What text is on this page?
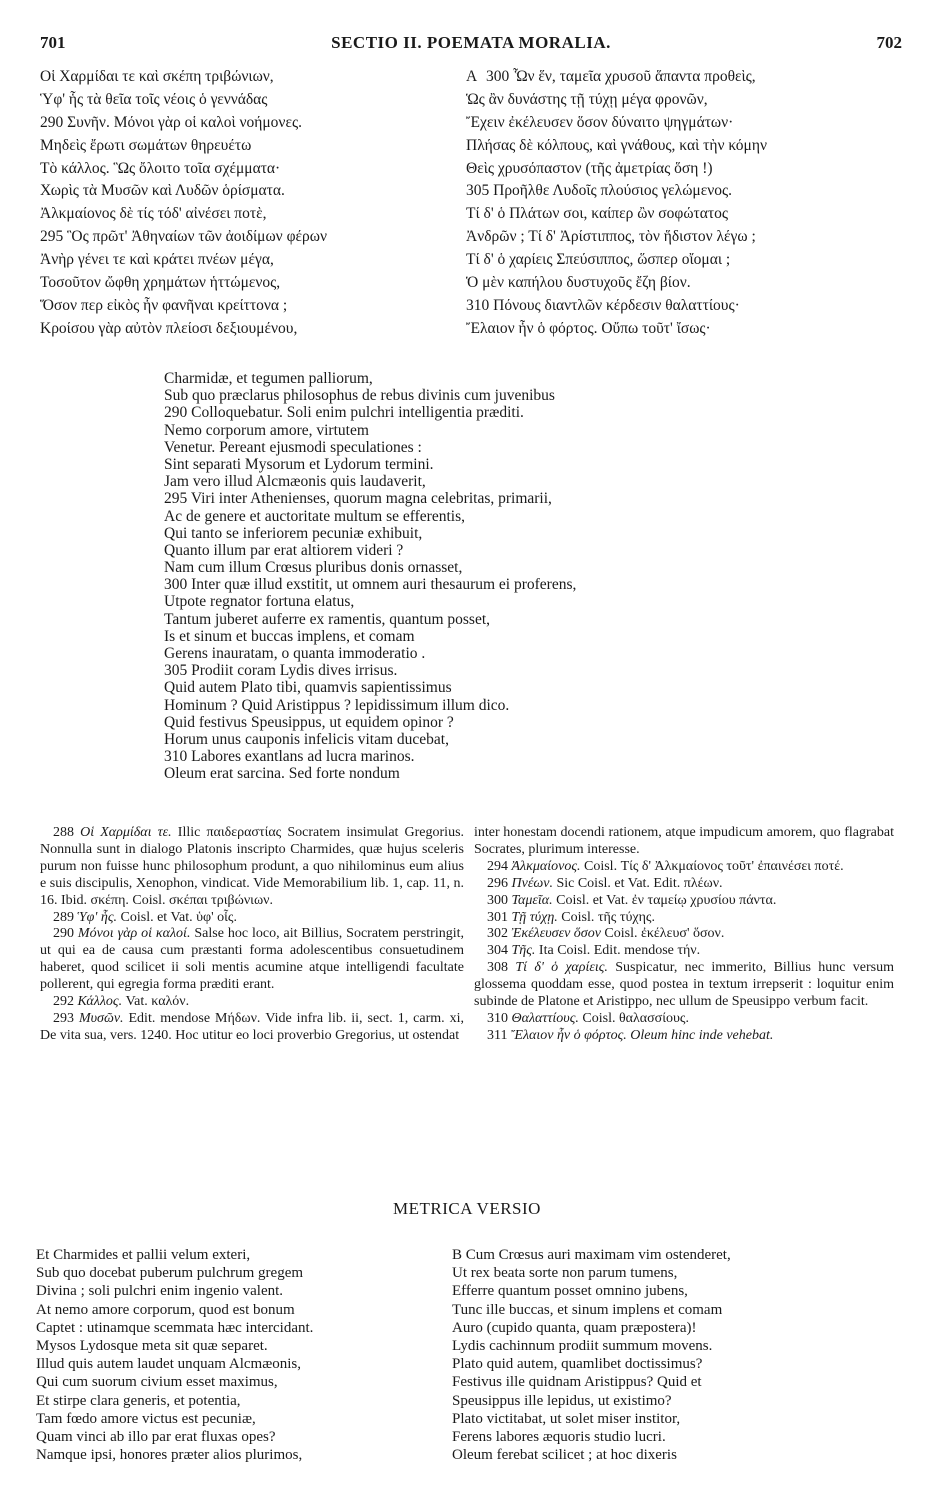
701	SECTIO II. POEMATA MORALIA.	702
Οἱ Χαρμίδαι τε καὶ σκέπη τριβώνιων,
Ὑφ' ἧς τὰ θεῖα τοῖς νέοις ὁ γεννάδας
290 Συνῆν. Μόνοι γὰρ οἱ καλοὶ νοήμονες.
Μηδεὶς ἔρωτι σωμάτων θηρευέτω
Τὸ κάλλος. Ὣς ὄλοιτο τοῖα σχέμματα·
Χωρὶς τὰ Μυσῶν καὶ Λυδῶν ὁρίσματα.
Ἀλκμαίονος δὲ τίς τόδ' αἰνέσει ποτὲ,
295 Ὃς πρῶτ' Ἀθηναίων τῶν ἀοιδίμων φέρων
Ἀνὴρ γένει τε καὶ κράτει πνέων μέγα,
Τοσοῦτον ὤφθη χρημάτων ἡττώμενος,
Ὅσον περ εἰκὸς ἦν φανῆναι κρείττονα ;
Κροίσου γὰρ αὐτὸν πλείοσι δεξιουμένου,
A 300 Ὧν ἕν, ταμεῖα χρυσοῦ ἅπαντα προθεὶς,
Ὡς ἂν δυνάστης τῇ τύχῃ μέγα φρονῶν,
Ἔχειν ἐκέλευσεν ὅσον δύναιτο ψηγμάτων·
Πλήσας δὲ κόλπους, καὶ γνάθους, καὶ τὴν κόμην
Θεὶς χρυσόπαστον (τῆς ἀμετρίας ὅση !)
305 Προῆλθε Λυδοῖς πλούσιος γελώμενος.
Τί δ' ὁ Πλάτων σοι, καίπερ ὢν σοφώτατος
Ἀνδρῶν ; Τί δ' Ἀρίστιππος, τὸν ἥδιστον λέγω ;
Τί δ' ὁ χαρίεις Σπεύσιππος, ὥσπερ οἴομαι ;
Ὁ μὲν καπήλου δυστυχοῦς ἔζη βίον.
310 Πόνους διαντλῶν κέρδεσιν θαλαττίους·
Ἔλαιον ἦν ὁ φόρτος. Οὔπω τοῦτ' ἴσως·
Charmidæ, et tegumen palliorum,
Sub quo præclarus philosophus de rebus divinis cum juvenibus
290 Colloquebatur. Soli enim pulchri intelligentia præditi.
Nemo corporum amore, virtutem
Venetur. Pereant ejusmodi speculationes :
Sint separati Mysorum et Lydorum termini.
Jam vero illud Alcmæonis quis laudaverit,
295 Viri inter Athenienses, quorum magna celebritas, primarii,
Ac de genere et auctoritate multum se efferentis,
Qui tanto se inferiorem pecuniæ exhibuit,
Quanto illum par erat altiorem videri ?
Nam cum illum Crœsus pluribus donis ornasset,
300 Inter quæ illud exstitit, ut omnem auri thesaurum ei proferens,
Utpote regnator fortuna elatus,
Tantum juberet auferre ex ramentis, quantum posset,
Is et sinum et buccas implens, et comam
Gerens inauratam, o quanta immoderatio .
305 Prodiit coram Lydis dives irrisus.
Quid autem Plato tibi, quamvis sapientissimus
Hominum ? Quid Aristippus ? lepidissimum illum dico.
Quid festivus Speusippus, ut equidem opinor ?
Horum unus cauponis infelicis vitam ducebat,
310 Labores exantlans ad lucra marinos.
Oleum erat sarcina. Sed forte nondum

288 Οἱ Χαρμίδαι τε. Illic παιδεραστίας Socratem insimulat Gregorius. Nonnulla sunt in dialogo Platonis inscripto Charmides, quæ hujus sceleris purum non fuisse hunc philosophum produnt, a quo nihilominus eum alius e suis discipulis, Xenophon, vindicat. Vide Memorabilium lib. 1, cap. 11, n. 16. Ibid. σκέπη. Coisl. σκέπαι τριβώνιων.

289 Ὑφ' ἧς. Coisl. et Vat. ὑφ' οἷς.

290 Μόνοι γὰρ οἱ καλοί. Salse hoc loco, ait Billius, Socratem perstringit, ut qui ea de causa cum præstanti forma adolescentibus consuetudinem haberet, quod scilicet ii soli mentis acumine atque intelligendi facultate pollerent, qui egregia forma præditi erant.

292 Κάλλος. Vat. καλόν.

293 Μυσῶν. Edit. mendose Μήδων. Vide infra lib. ii, sect. 1, carm. xi, De vita sua, vers. 1240. Hoc utitur eo loci proverbio Gregorius, ut ostendat

inter honestam docendi rationem, atque impudicum amorem, quo flagrabat Socrates, plurimum interesse.

294 Ἀλκμαίονος. Coisl. Τίς δ' Ἀλκμαίονος τοῦτ' ἐπαινέσει ποτέ.

296 Πνέων. Sic Coisl. et Vat. Edit. πλέων.

300 Ταμεῖα. Coisl. et Vat. ἐν ταμείῳ χρυσίου πάντα.

301 Τῇ τύχῃ. Coisl. τῆς τύχης.

302 Ἐκέλευσεν ὅσον Coisl. ἐκέλευσ' ὅσον.

304 Τῆς. Ita Coisl. Edit. mendose τήν.

308 Τί δ' ὁ χαρίεις. Suspicatur, nec immerito, Billius hunc versum glossema quoddam esse, quod postea in textum irrepserit : loquitur enim subinde de Platone et Aristippo, nec ullum de Speusippo verbum facit.

310 Θαλαττίους. Coisl. θαλασσίους.

311 Ἔλαιον ἦν ὁ φόρτος. Oleum hinc inde vehebat.

METRICA VERSIO
Et Charmides et pallii velum exteri,
Sub quo docebat puberum pulchrum gregem
Divina ; soli pulchri enim ingenio valent.
At nemo amore corporum, quod est bonum
Captet : utinamque scemmata hæc intercidant.
Mysos Lydosque meta sit quæ separet.
Illud quis autem laudet unquam Alcmæonis,
Qui cum suorum civium esset maximus,
Et stirpe clara generis, et potentia,
Tam fœdo amore victus est pecuniæ,
Quam vinci ab illo par erat fluxas opes?
Namque ipsi, honores præter alios plurimos,
B Cum Crœsus auri maximam vim ostenderet,
Ut rex beata sorte non parum tumens,
Efferre quantum posset omnino jubens,
Tunc ille buccas, et sinum implens et comam
Auro (cupido quanta, quam præpostera)!
Lydis cachinnum prodiit summum movens.
Plato quid autem, quamlibet doctissimus?
Festivus ille quidnam Aristippus? Quid et
Speusippus ille lepidus, ut existimo?
Plato victitabat, ut solet miser institor,
Ferens labores æquoris studio lucri.
Oleum ferebat scilicet ; at hoc dixeris
